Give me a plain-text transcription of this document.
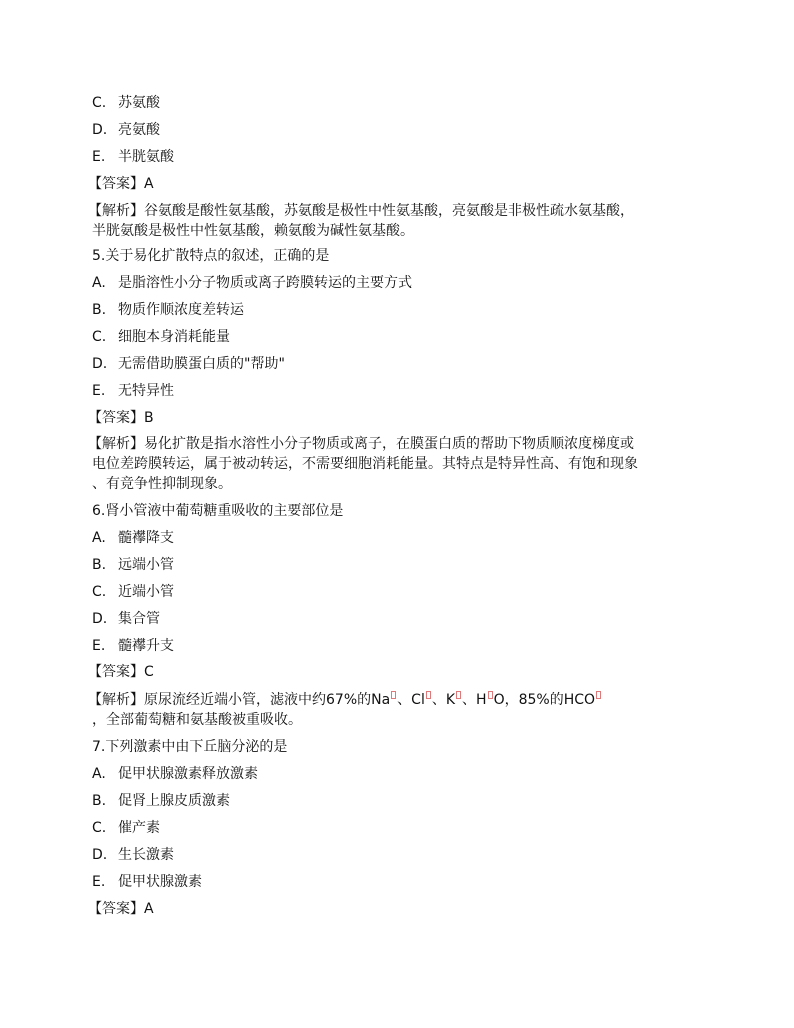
C. 苏氨酸
D. 亮氨酸
E. 半胱氨酸
【答案】A
【解析】谷氨酸是酸性氨基酸，苏氨酸是极性中性氨基酸，亮氨酸是非极性疏水氨基酸，
半胱氨酸是极性中性氨基酸，赖氨酸为碱性氨基酸。
5.关于易化扩散特点的叙述，正确的是
A. 是脂溶性小分子物质或离子跨膜转运的主要方式
B. 物质作顺浓度差转运
C. 细胞本身消耗能量
D. 无需借助膜蛋白质的"帮助"
E. 无特异性
【答案】B
【解析】易化扩散是指水溶性小分子物质或离子，在膜蛋白质的帮助下物质顺浓度梯度或
电位差跨膜转运，属于被动转运，不需要细胞消耗能量。其特点是特异性高、有饱和现象
、有竞争性抑制现象。
6.肾小管液中葡萄糖重吸收的主要部位是
A. 髓襻降支
B. 远端小管
C. 近端小管
D. 集合管
E. 髓襻升支
【答案】C
【解析】原尿流经近端小管，滤液中约67%的Na 、Cl 、K 、H O，85%的HCO
，全部葡萄糖和氨基酸被重吸收。
7.下列激素中由下丘脑分泌的是
A. 促甲状腺激素释放激素
B. 促肾上腺皮质激素
C. 催产素
D. 生长激素
E. 促甲状腺激素
【答案】A
